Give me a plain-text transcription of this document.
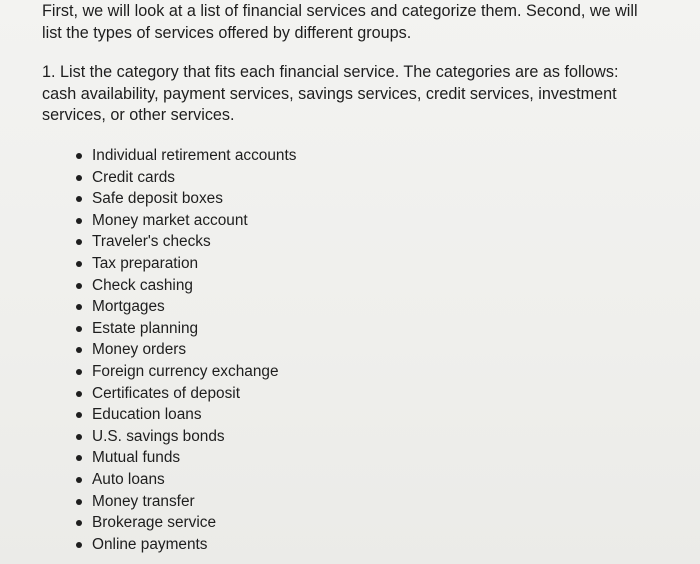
First, we will look at a list of financial services and categorize them. Second, we will
list the types of services offered by different groups.

1. List the category that fits each financial service. The categories are as follows:
cash availability, payment services, savings services, credit services, investment
services, or other services.

Individual retirement accounts
Credit cards
Safe deposit boxes
Money market account
Traveler's checks
Tax preparation
Check cashing
Mortgages
Estate planning
Money orders
Foreign currency exchange
Certificates of deposit
Education loans
U.S. savings bonds
Mutual funds
Auto loans
Money transfer
Brokerage service
Online payments
